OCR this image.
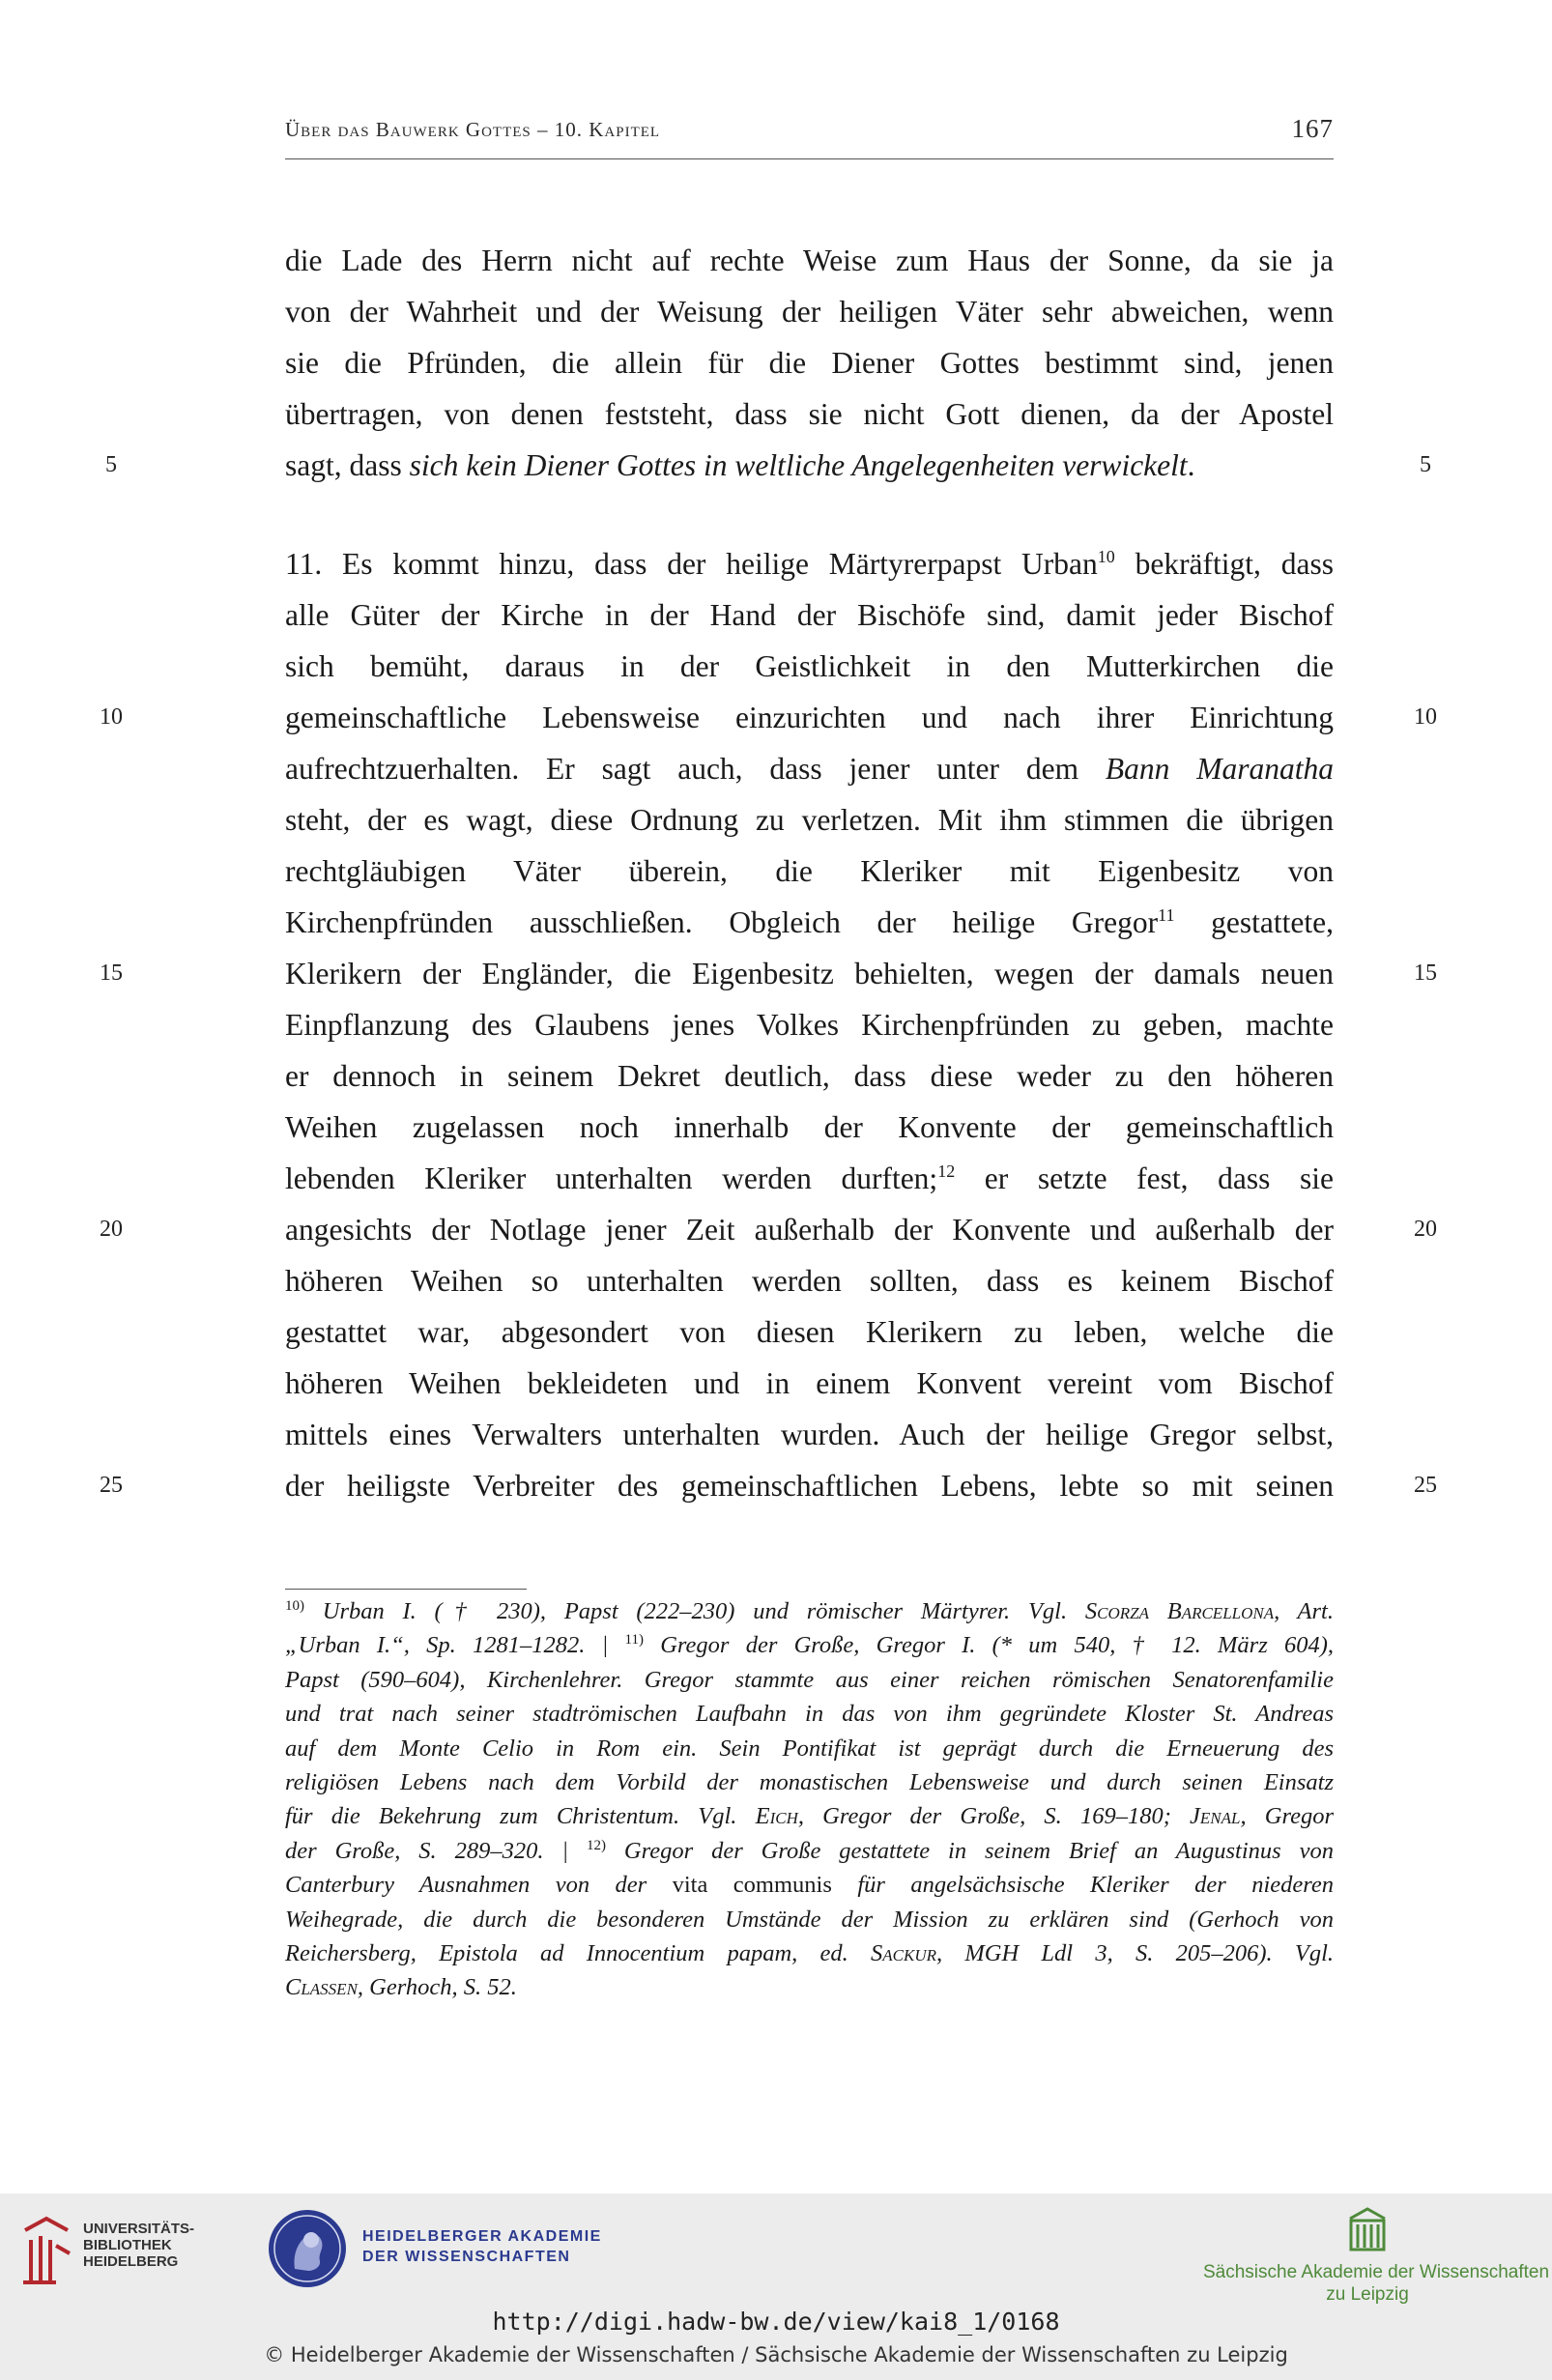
Über das Bauwerk Gottes – 10. Kapitel	167
die Lade des Herrn nicht auf rechte Weise zum Haus der Sonne, da sie ja
von der Wahrheit und der Weisung der heiligen Väter sehr abweichen, wenn
sie die Pfründen, die allein für die Diener Gottes bestimmt sind, jenen
übertragen, von denen feststeht, dass sie nicht Gott dienen, da der Apostel
sagt, dass sich kein Diener Gottes in weltliche Angelegenheiten verwickelt.
11. Es kommt hinzu, dass der heilige Märtyrerpapst Urban$^{10}$ bekräftigt, dass
alle Güter der Kirche in der Hand der Bischöfe sind, damit jeder Bischof
sich bemüht, daraus in der Geistlichkeit in den Mutterkirchen die
gemeinschaftliche Lebensweise einzurichten und nach ihrer Einrichtung
aufrechtzuerhalten. Er sagt auch, dass jener unter dem Bann Maranatha
steht, der es wagt, diese Ordnung zu verletzen. Mit ihm stimmen die übrigen
rechtgläubigen Väter überein, die Kleriker mit Eigenbesitz von
Kirchenpfründen ausschließen. Obgleich der heilige Gregor$^{11}$ gestattete,
Klerikern der Engländer, die Eigenbesitz behielten, wegen der damals neuen
Einpflanzung des Glaubens jenes Volkes Kirchenpfründen zu geben, machte
er dennoch in seinem Dekret deutlich, dass diese weder zu den höheren
Weihen zugelassen noch innerhalb der Konvente der gemeinschaftlich
lebenden Kleriker unterhalten werden durften;$^{12}$ er setzte fest, dass sie
angesichts der Notlage jener Zeit außerhalb der Konvente und außerhalb der
höheren Weihen so unterhalten werden sollten, dass es keinem Bischof
gestattet war, abgesondert von diesen Klerikern zu leben, welche die
höheren Weihen bekleideten und in einem Konvent vereint vom Bischof
mittels eines Verwalters unterhalten wurden. Auch der heilige Gregor selbst,
der heiligste Verbreiter des gemeinschaftlichen Lebens, lebte so mit seinen
5	5
10	10
15	15
20	20
25	25
$^{10)}$ Urban I. († 230), Papst (222–230) und römischer Märtyrer. Vgl. Scorza Barcellona, Art.
„Urban I.“, Sp. 1281–1282. | $^{11)}$ Gregor der Große, Gregor I. (* um 540, † 12. März 604),
Papst (590–604), Kirchenlehrer. Gregor stammte aus einer reichen römischen Senatorenfamilie
und trat nach seiner stadtrömischen Laufbahn in das von ihm gegründete Kloster St. Andreas
auf dem Monte Celio in Rom ein. Sein Pontifikat ist geprägt durch die Erneuerung des
religiösen Lebens nach dem Vorbild der monastischen Lebensweise und durch seinen Einsatz
für die Bekehrung zum Christentum. Vgl. Eich, Gregor der Große, S. 169–180; Jenal, Gregor
der Große, S. 289–320. | $^{12)}$ Gregor der Große gestattete in seinem Brief an Augustinus von
Canterbury Ausnahmen von der vita communis für angelsächsische Kleriker der niederen
Weihegrade, die durch die besonderen Umstände der Mission zu erklären sind (Gerhoch von
Reichersberg, Epistola ad Innocentium papam, ed. Sackur, MGH Ldl 3, S. 205–206). Vgl.
Classen, Gerhoch, S. 52.
UNIVERSITÄTS-
BIBLIOTHEK
HEIDELBERG
HEIDELBERGER AKADEMIE
DER WISSENSCHAFTEN
Sächsische Akademie der Wissenschaften
zu Leipzig
http://digi.hadw-bw.de/view/kai8_1/0168
© Heidelberger Akademie der Wissenschaften / Sächsische Akademie der Wissenschaften zu Leipzig
